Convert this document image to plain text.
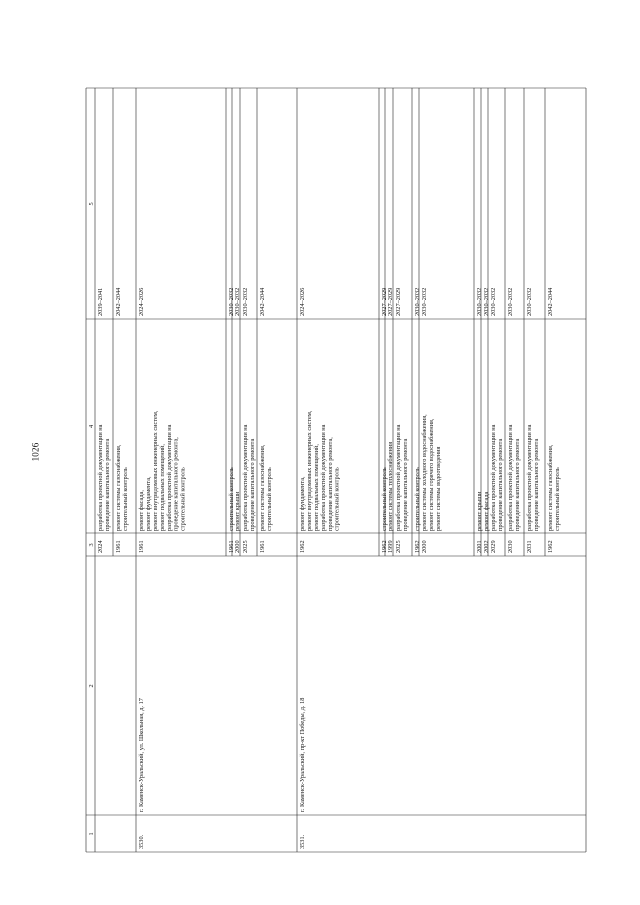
1026
1
2
3
4
5
2024
разработка проектной документации на проведение капитального ремонта
2039–2041
1961
ремонт системы газоснабжения, строительный контроль
2042–2044
3530.
г. Каменск-Уральский, ул. Школьная, д. 17
1961
ремонт фасада, ремонт фундамента, ремонт внутридомовых инженерных систем, ремонт подвальных помещений, разработка проектной документации на проведение капитального ремонта, строительный контроль
2024–2026
1961
строительный контроль
2030–2032
2000
ремонт крыши
2030–2032
2025
разработка проектной документации на проведение капитального ремонта
2030–2032
1961
ремонт системы газоснабжения, строительный контроль
2042–2044
3531.
г. Каменск-Уральский, пр-кт Победы, д. 18
1962
ремонт фундамента, ремонт внутридомовых инженерных систем, ремонт подвальных помещений, разработка проектной документации на проведение капитального ремонта, строительный контроль
2024–2026
1962
строительный контроль
2027–2029
1999
ремонт системы теплоснабжения
2027–2029
2025
разработка проектной документации на проведение капитального ремонта
2027–2029
1962
строительный контроль
2030–2032
2000
ремонт системы холодного водоснабжения, ремонт системы горячего водоснабжения, ремонт системы водоотведения
2030–2032
2001
ремонт крыши
2030–2032
2002
ремонт фасада
2030–2032
2029
разработка проектной документации на проведение капитального ремонта
2030–2032
2030
разработка проектной документации на проведение капитального ремонта
2030–2032
2031
разработка проектной документации на проведение капитального ремонта
2030–2032
1962
ремонт системы газоснабжения, строительный контроль
2042–2044
